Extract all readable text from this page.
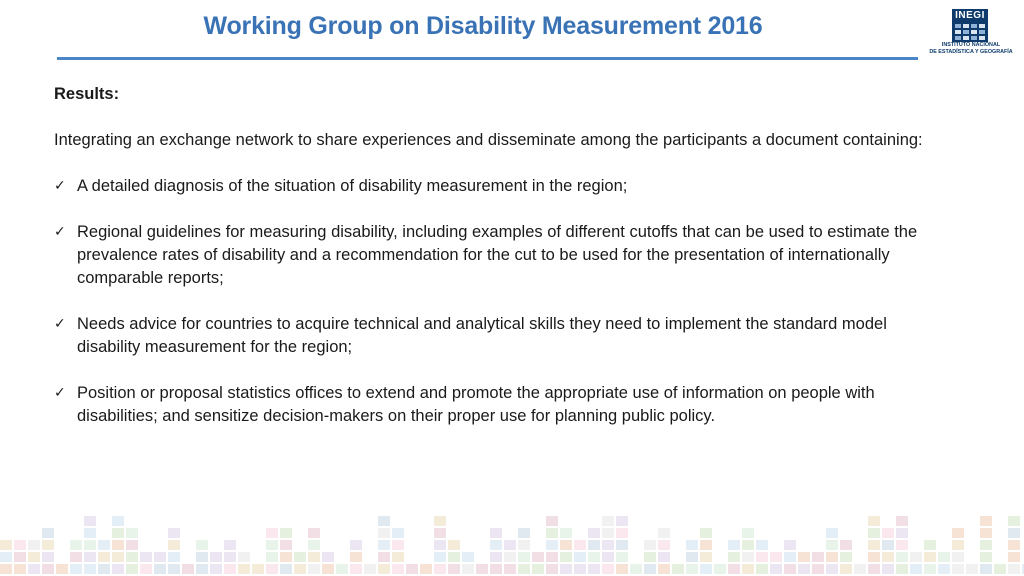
Working Group on Disability Measurement 2016	INEGI
INSTITUTO NACIONAL
DE ESTADÍSTICA Y GEOGRAFÍA

Results:

Integrating an exchange network to share experiences and disseminate among the participants a document containing:

✓ A detailed diagnosis of the situation of disability measurement in the region;
✓ Regional guidelines for measuring disability, including examples of different cutoffs that can be used to estimate the prevalence rates of disability and a recommendation for the cut to be used for the presentation of internationally comparable reports;
✓ Needs advice for countries to acquire technical and analytical skills they need to implement the standard model disability measurement for the region;
✓ Position or proposal statistics offices to extend and promote the appropriate use of information on people with disabilities; and sensitize decision-makers on their proper use for planning public policy.
